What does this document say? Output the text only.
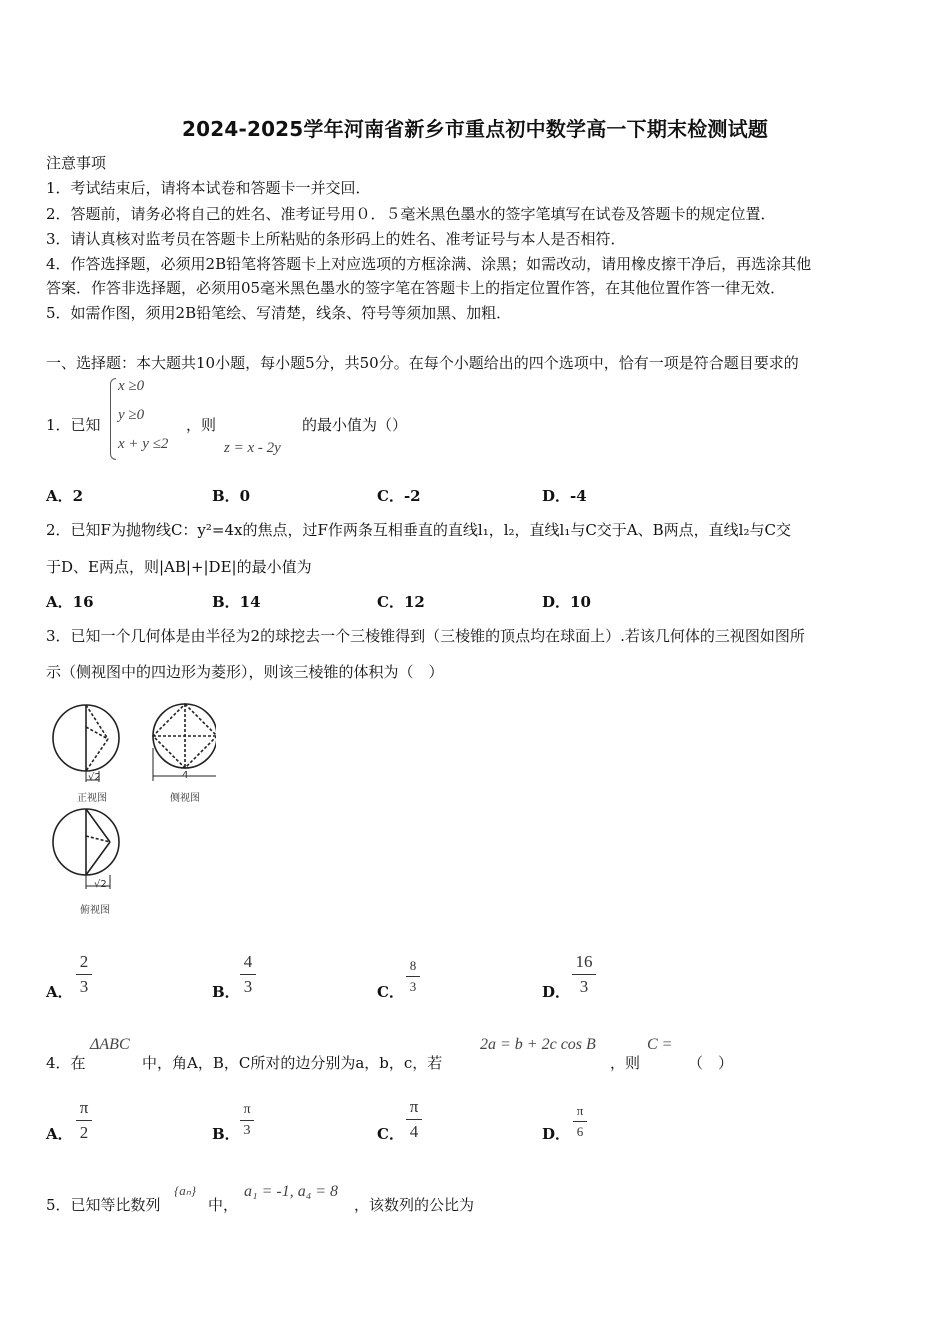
2024-2025学年河南省新乡市重点初中数学高一下期末检测试题
注意事项
1．考试结束后，请将本试卷和答题卡一并交回．
2．答题前，请务必将自己的姓名、准考证号用０．５毫米黑色墨水的签字笔填写在试卷及答题卡的规定位置．
3．请认真核对监考员在答题卡上所粘贴的条形码上的姓名、准考证号与本人是否相符．
4．作答选择题，必须用2B铅笔将答题卡上对应选项的方框涂满、涂黑；如需改动，请用橡皮擦干净后，再选涂其他
答案．作答非选择题，必须用05毫米黑色墨水的签字笔在答题卡上的指定位置作答，在其他位置作答一律无效．
5．如需作图，须用2B铅笔绘、写清楚，线条、符号等须加黑、加粗．
一、选择题：本大题共10小题，每小题5分，共50分。在每个小题给出的四个选项中，恰有一项是符合题目要求的
1．已知
x ≥0
y ≥0
x + y ≤2
，则
z = x - 2y
的最小值为（）
A．2	B．0	C．-2	D．-4
2．已知F为抛物线C：y²=4x的焦点，过F作两条互相垂直的直线l₁，l₂，直线l₁与C交于A、B两点，直线l₂与C交
于D、E两点，则|AB|+|DE|的最小值为
A．16	B．14	C．12	D．10
3．已知一个几何体是由半径为2的球挖去一个三棱锥得到（三棱锥的顶点均在球面上）.若该几何体的三视图如图所
示（侧视图中的四边形为菱形），则该三棱锥的体积为（　）
√2
正视图
4
侧视图
√2
俯视图
A．
2
3	B．
4
3	C．
8
3	D．
16
3
4．在
ΔABC
中，角A，B，C所对的边分别为a，b，c，若
2a = b + 2c cos B
，则
C =
（　）
A．
π
2	B．
π
3	C．
π
4	D．
π
6
5．已知等比数列
{aₙ}
中，
a₁ = -1, a₄ = 8
，该数列的公比为
